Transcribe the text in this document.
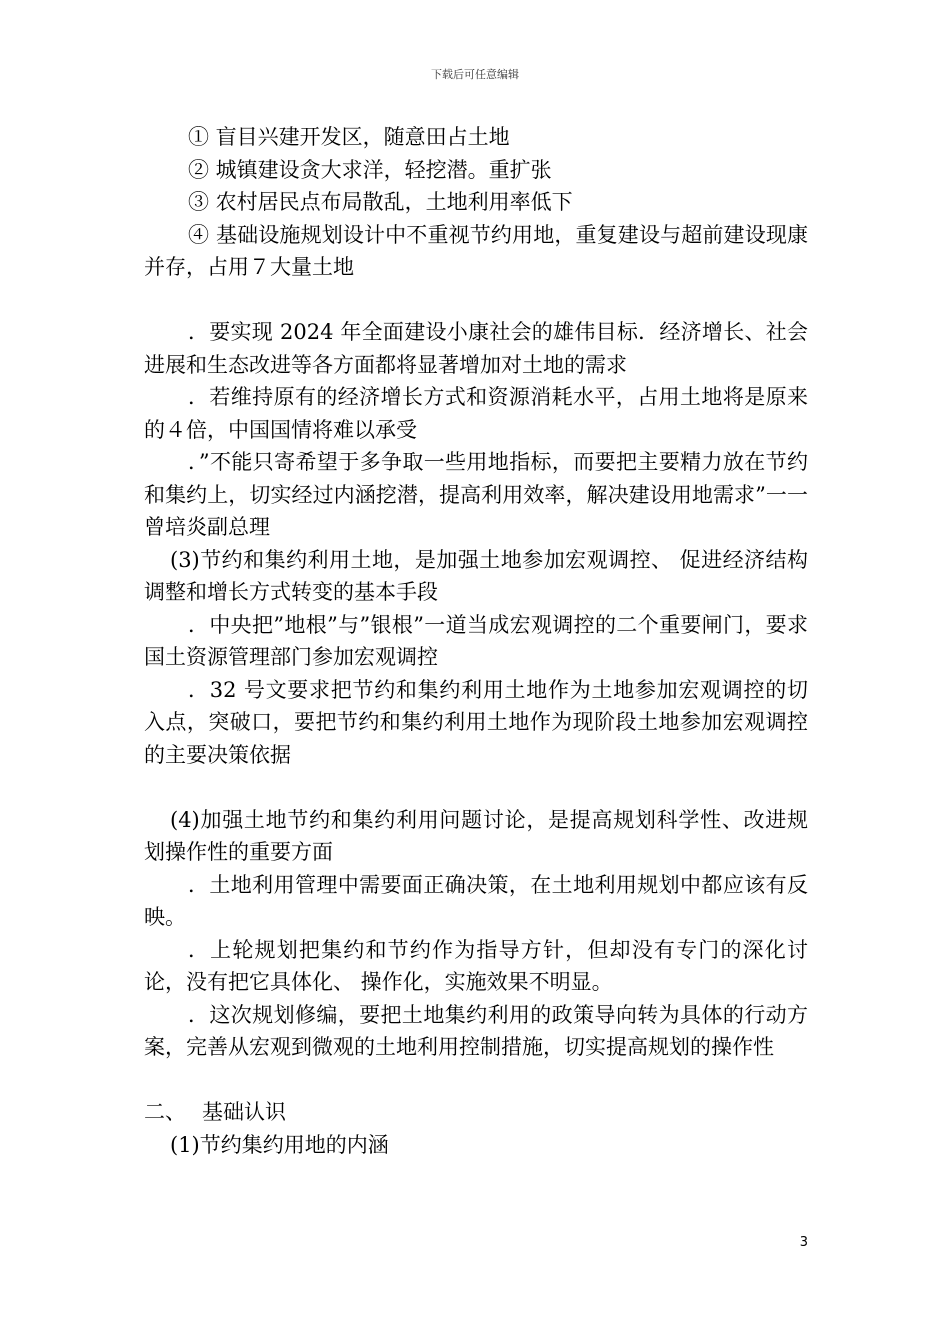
下载后可任意编辑

① 盲目兴建开发区，随意田占土地

② 城镇建设贪大求洋，轻挖潜。重扩张

③ 农村居民点布局散乱，土地利用率低下

④ 基础设施规划设计中不重视节约用地，重复建设与超前建设现康并存，占用７大量土地

．要实现 2024 年全面建设小康社会的雄伟目标．经济增长、社会进展和生态改进等各方面都将显著增加对土地的需求

．若维持原有的经济增长方式和资源消耗水平，占用土地将是原来的４倍，中国国情将难以承受

．”不能只寄希望于多争取一些用地指标，而要把主要精力放在节约和集约上，切实经过内涵挖潜，提高利用效率，解决建设用地需求”一一曾培炎副总理

(3)节约和集约利用土地，是加强土地参加宏观调控、 促进经济结构调整和增长方式转变的基本手段

．中央把”地根”与”银根”一道当成宏观调控的二个重要闸门，要求国土资源管理部门参加宏观调控

．32 号文要求把节约和集约利用土地作为土地参加宏观调控的切入点，突破口，要把节约和集约利用土地作为现阶段土地参加宏观调控的主要决策依据

(4)加强土地节约和集约利用问题讨论，是提高规划科学性、改进规划操作性的重要方面

．土地利用管理中需要面正确决策，在土地利用规划中都应该有反映。

．上轮规划把集约和节约作为指导方针，但却没有专门的深化讨论，没有把它具体化、 操作化，实施效果不明显。

．这次规划修编，要把土地集约利用的政策导向转为具体的行动方案，完善从宏观到微观的土地利用控制措施，切实提高规划的操作性

二、 基础认识

(1)节约集约用地的内涵

3
